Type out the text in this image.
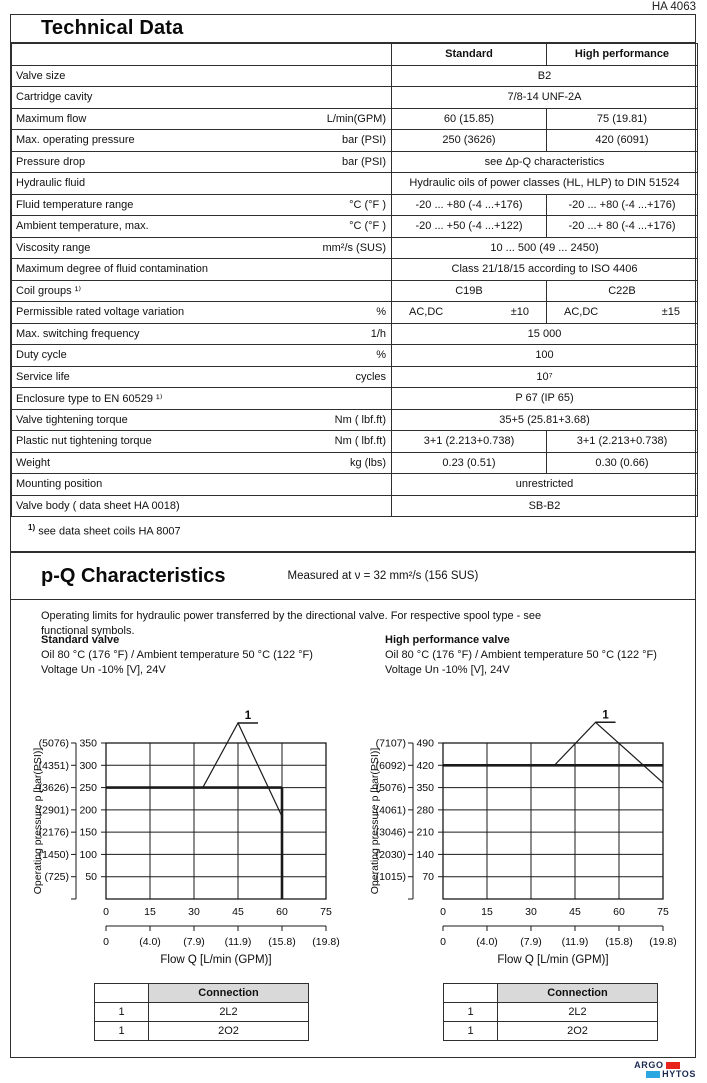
HA 4063
Technical Data
	Standard	High performance

Valve size	B2	

Cartridge cavity	7/8-14 UNF-2A	

Maximum flow L/min(GPM)	60 (15.85)	75 (19.81)

Max. operating pressure bar (PSI)	250 (3626)	420 (6091)

Pressure drop bar (PSI)	see Δp-Q characteristics	

Hydraulic fluid	Hydraulic oils of power classes (HL, HLP) to DIN 51524	

Fluid temperature range °C (°F )	-20 ... +80 (-4 ...+176)	-20 ... +80 (-4 ...+176)

Ambient temperature, max. °C (°F )	-20 ... +50 (-4 ...+122)	-20 ...+ 80 (-4 ...+176)

Viscosity range mm²/s (SUS)	10 ... 500 (49 ... 2450)	

Maximum degree of fluid contamination	Class 21/18/15 according to ISO 4406	

Coil groups ¹⁾	C19B	C22B

Permissible rated voltage variation %	AC,DC ±10	AC,DC ±15

Max. switching frequency 1/h	15 000	

Duty cycle %	100	

Service life cycles	10⁷	

Enclosure type to EN 60529 ¹⁾	P 67 (IP 65)	

Valve tightening torque Nm ( lbf.ft)	35+5 (25.81+3.68)	

Plastic nut tightening torque Nm ( lbf.ft)	3+1 (2.213+0.738)	3+1 (2.213+0.738)

Weight kg (lbs)	0.23 (0.51)	0.30 (0.66)

Mounting position	unrestricted	

Valve body ( data sheet HA 0018)	SB-B2	
$^{1)}$ see data sheet coils HA 8007
p-Q Characteristics	Measured at ν = 32 mm²/s (156 SUS)

Operating limits for hydraulic power transferred by the directional valve. For respective spool type - see
functional symbols.

Standard valve
Oil 80 °C (176 °F) / Ambient temperature 50 °C (122 °F)
Voltage Un -10% [V], 24V
1
50
(725)
100
(1450)
150
(2176)
200
(2901)
250
(3626)
300
(4351)
350
(5076)
0	15	30	45	60	75
0	(4.0) (7.9) (11.9) (15.8) (19.8)
Flow Q [L/min (GPM)]
Operating pressure p [bar(PSI)]
	Connection
1	2L2
1	2O2
High performance valve
Oil 80 °C (176 °F) / Ambient temperature 50 °C (122 °F)
Voltage Un -10% [V], 24V
1
70
(1015)
140
(2030)
210
(3046)
280
(4061)
350
(5076)
420
(6092)
490
(7107)
0	15	30	45	60	75
0	(4.0) (7.9) (11.9) (15.8) (19.8)
Flow Q [L/min (GPM)]
Operating pressure p [bar(PSI)]
	Connection
1	2L2
1	2O2
ARGO
HYTOS
